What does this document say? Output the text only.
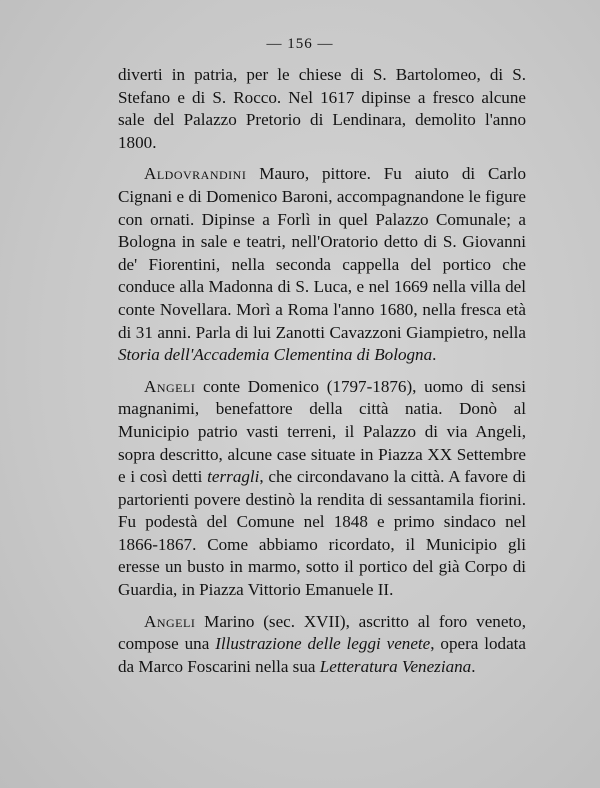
— 156 —

diverti in patria, per le chiese di S. Bartolomeo, di S. Stefano e di S. Rocco. Nel 1617 dipinse a fresco alcune sale del Palazzo Pretorio di Lendinara, demolito l'anno 1800.

Aldovrandini Mauro, pittore. Fu aiuto di Carlo Cignani e di Domenico Baroni, accompagnandone le figure con ornati. Dipinse a Forlì in quel Palazzo Comunale; a Bologna in sale e teatri, nell'Oratorio detto di S. Giovanni de' Fiorentini, nella seconda cappella del portico che conduce alla Madonna di S. Luca, e nel 1669 nella villa del conte Novellara. Morì a Roma l'anno 1680, nella fresca età di 31 anni. Parla di lui Zanotti Cavazzoni Giampietro, nella Storia dell'Accademia Clementina di Bologna.

Angeli conte Domenico (1797-1876), uomo di sensi magnanimi, benefattore della città natia. Donò al Municipio patrio vasti terreni, il Palazzo di via Angeli, sopra descritto, alcune case situate in Piazza XX Settembre e i così detti terragli, che circondavano la città. A favore di partorienti povere destinò la rendita di sessantamila fiorini. Fu podestà del Comune nel 1848 e primo sindaco nel 1866-1867. Come abbiamo ricordato, il Municipio gli eresse un busto in marmo, sotto il portico del già Corpo di Guardia, in Piazza Vittorio Emanuele II.

Angeli Marino (sec. XVII), ascritto al foro veneto, compose una Illustrazione delle leggi venete, opera lodata da Marco Foscarini nella sua Letteratura Veneziana.
